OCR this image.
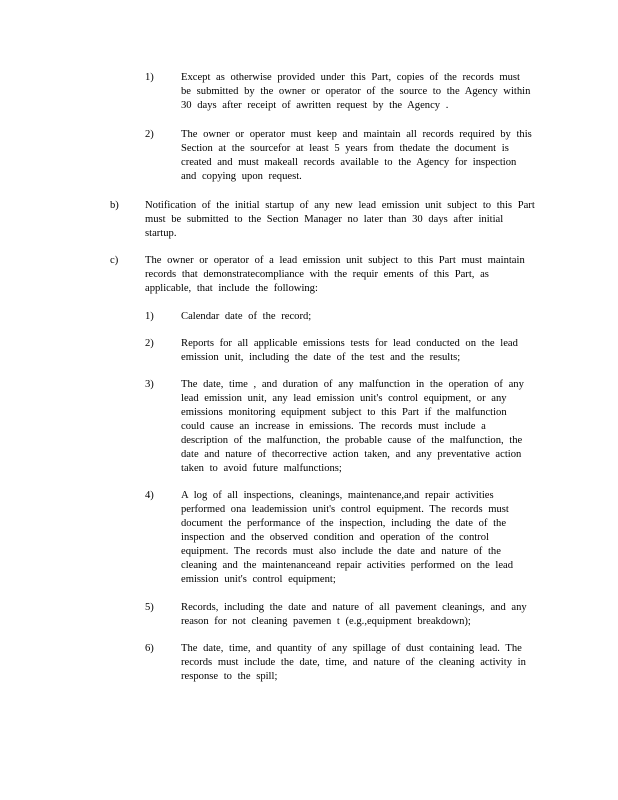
1)	Except as otherwise provided under this Part, copies of the records must
be submitted by the owner or operator of the source to the Agency within
30 days after receipt of awritten request by the Agency .
2)	The owner or operator must keep and maintain all records required by this
Section at the sourcefor at least 5 years from thedate the document is
created and must makeall records available to the Agency for inspection
and copying upon request.
b) Notification of the initial startup of any new lead emission unit subject to this Part
must be submitted to the Section Manager no later than 30 days after initial
startup.
c)	The owner or operator of a lead emission unit subject to this Part must maintain
records that demonstratecompliance with the requir ements of this Part, as
applicable, that include the following:
1)	Calendar date of the record;
2)	Reports for all applicable emissions tests for lead conducted on the lead
emission unit, including the date of the test and the results;
3)	The date, time , and duration of any malfunction in the operation of any
lead emission unit, any lead emission unit's control equipment, or any
emissions monitoring equipment subject to this Part if the malfunction
could cause an increase in emissions. The records must include a
description of the malfunction, the probable cause of the malfunction, the
date and nature of thecorrective action taken, and any preventative action
taken to avoid future malfunctions;
4)	A log of all inspections, cleanings, maintenance,and repair activities
performed ona leademission unit's control equipment. The records must
document the performance of the inspection, including the date of the
inspection and the observed condition and operation of the control
equipment. The records must also include the date and nature of the
cleaning and the maintenanceand repair activities performed on the lead
emission unit's control equipment;
5)	Records, including the date and nature of all pavement cleanings, and any
reason for not cleaning pavemen t (e.g.,equipment breakdown);
6)	The date, time, and quantity of any spillage of dust containing lead. The
records must include the date, time, and nature of the cleaning activity in
response to the spill;
